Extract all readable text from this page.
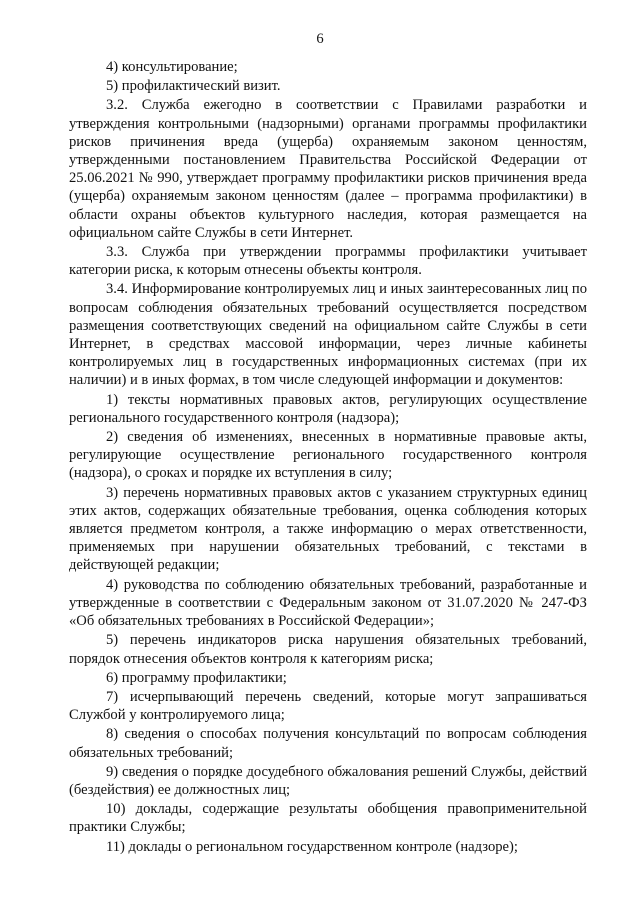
6

4) консультирование;

5) профилактический визит.

3.2. Служба ежегодно в соответствии с Правилами разработки и утверждения контрольными (надзорными) органами программы профилактики рисков причинения вреда (ущерба) охраняемым законом ценностям, утвержденными постановлением Правительства Российской Федерации от 25.06.2021 № 990, утверждает программу профилактики рисков причинения вреда (ущерба) охраняемым законом ценностям (далее – программа профилактики) в области охраны объектов культурного наследия, которая размещается на официальном сайте Службы в сети Интернет.

3.3. Служба при утверждении программы профилактики учитывает категории риска, к которым отнесены объекты контроля.

3.4. Информирование контролируемых лиц и иных заинтересованных лиц по вопросам соблюдения обязательных требований осуществляется посредством размещения соответствующих сведений на официальном сайте Службы в сети Интернет, в средствах массовой информации, через личные кабинеты контролируемых лиц в государственных информационных системах (при их наличии) и в иных формах, в том числе следующей информации и документов:

1) тексты нормативных правовых актов, регулирующих осуществление регионального государственного контроля (надзора);

2) сведения об изменениях, внесенных в нормативные правовые акты, регулирующие осуществление регионального государственного контроля (надзора), о сроках и порядке их вступления в силу;

3) перечень нормативных правовых актов с указанием структурных единиц этих актов, содержащих обязательные требования, оценка соблюдения которых является предметом контроля, а также информацию о мерах ответственности, применяемых при нарушении обязательных требований, с текстами в действующей редакции;

4) руководства по соблюдению обязательных требований, разработанные и утвержденные в соответствии с Федеральным законом от 31.07.2020 № 247-ФЗ «Об обязательных требованиях в Российской Федерации»;

5) перечень индикаторов риска нарушения обязательных требований, порядок отнесения объектов контроля к категориям риска;

6) программу профилактики;

7) исчерпывающий перечень сведений, которые могут запрашиваться Службой у контролируемого лица;

8) сведения о способах получения консультаций по вопросам соблюдения обязательных требований;

9) сведения о порядке досудебного обжалования решений Службы, действий (бездействия) ее должностных лиц;

10) доклады, содержащие результаты обобщения правоприменительной практики Службы;

11) доклады о региональном государственном контроле (надзоре);
